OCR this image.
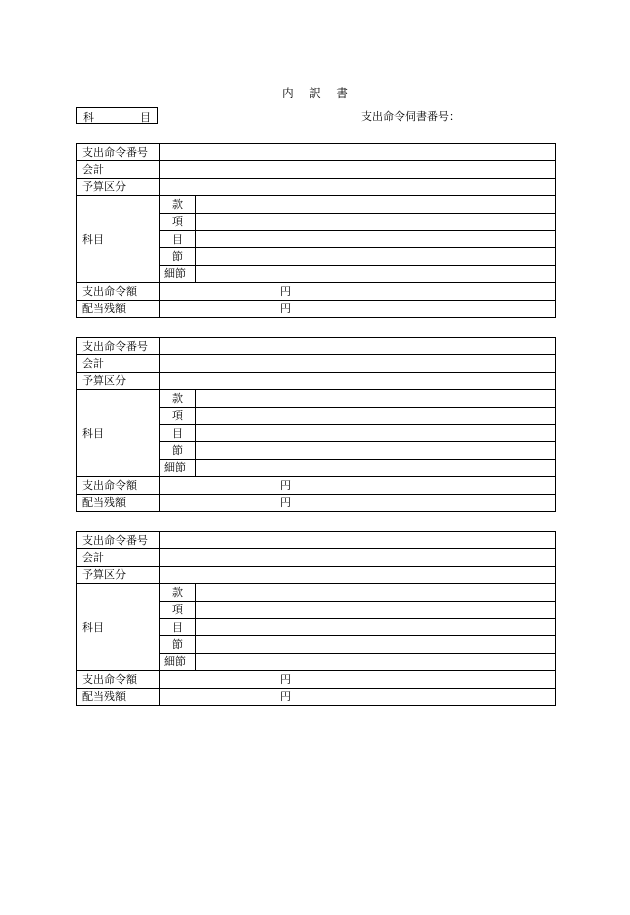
内 訳 書
科	目	支出命令伺書番号：
支出命令番号		
会計		
予算区分		
科目	款	
	項	
	目	
	節	
	細節	
支出命令額	円	
配当残額	円	
支出命令番号		
会計		
予算区分		
科目	款	
	項	
	目	
	節	
	細節	
支出命令額	円	
配当残額	円	
支出命令番号		
会計		
予算区分		
科目	款	
	項	
	目	
	節	
	細節	
支出命令額	円	
配当残額	円	
